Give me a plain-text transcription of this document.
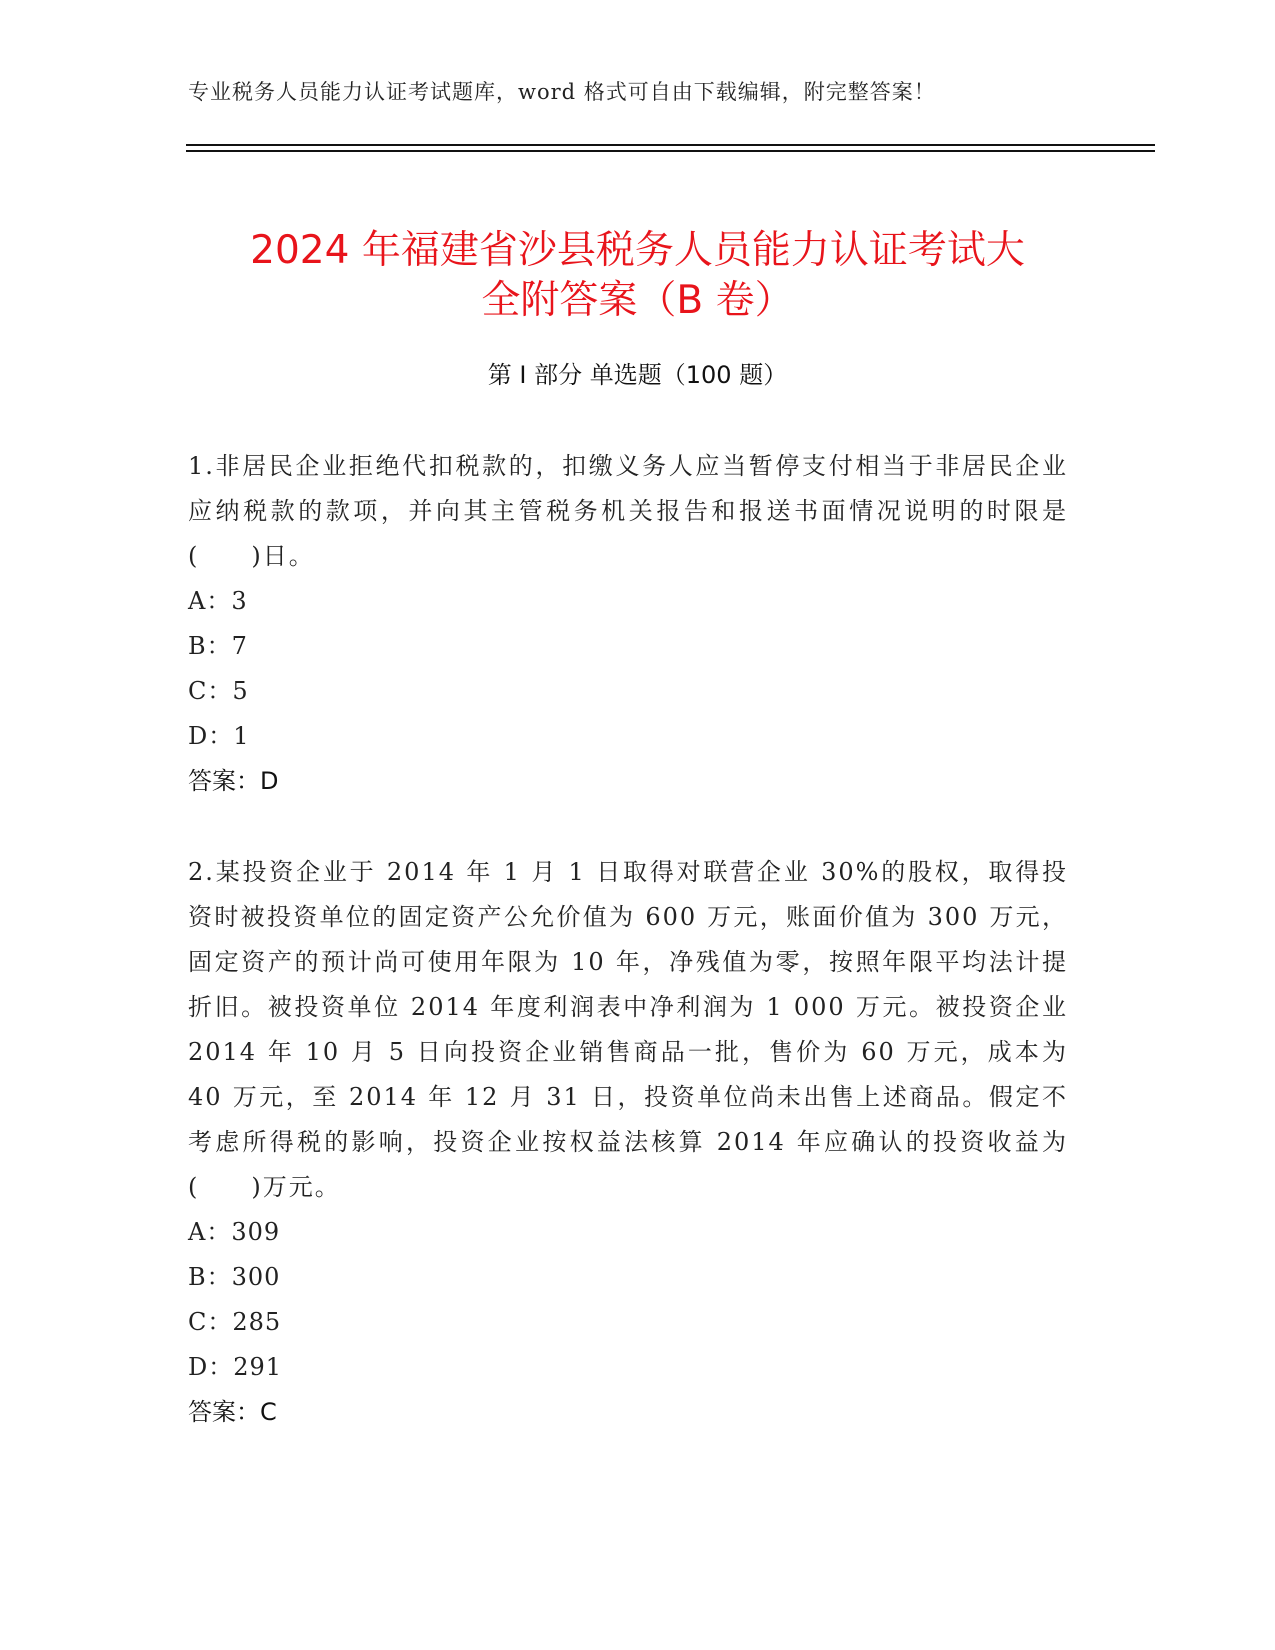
专业税务人员能力认证考试题库，word 格式可自由下载编辑，附完整答案！
2024 年福建省沙县税务人员能力认证考试大
全附答案（B 卷）
第 I 部分 单选题（100 题）

1.非居民企业拒绝代扣税款的，扣缴义务人应当暂停支付相当于非居民企业应纳税款的款项，并向其主管税务机关报告和报送书面情况说明的时限是(　　)日。

A：3

B：7

C：5

D：1

答案：D

2.某投资企业于 2014 年 1 月 1 日取得对联营企业 30%的股权，取得投资时被投资单位的固定资产公允价值为 600 万元，账面价值为 300 万元，固定资产的预计尚可使用年限为 10 年，净残值为零，按照年限平均法计提折旧。被投资单位 2014 年度利润表中净利润为 1 000 万元。被投资企业 2014 年 10 月 5 日向投资企业销售商品一批，售价为 60 万元，成本为 40 万元，至 2014 年 12 月 31 日，投资单位尚未出售上述商品。假定不考虑所得税的影响，投资企业按权益法核算 2014 年应确认的投资收益为(　　)万元。

A：309

B：300

C：285

D：291

答案：C
